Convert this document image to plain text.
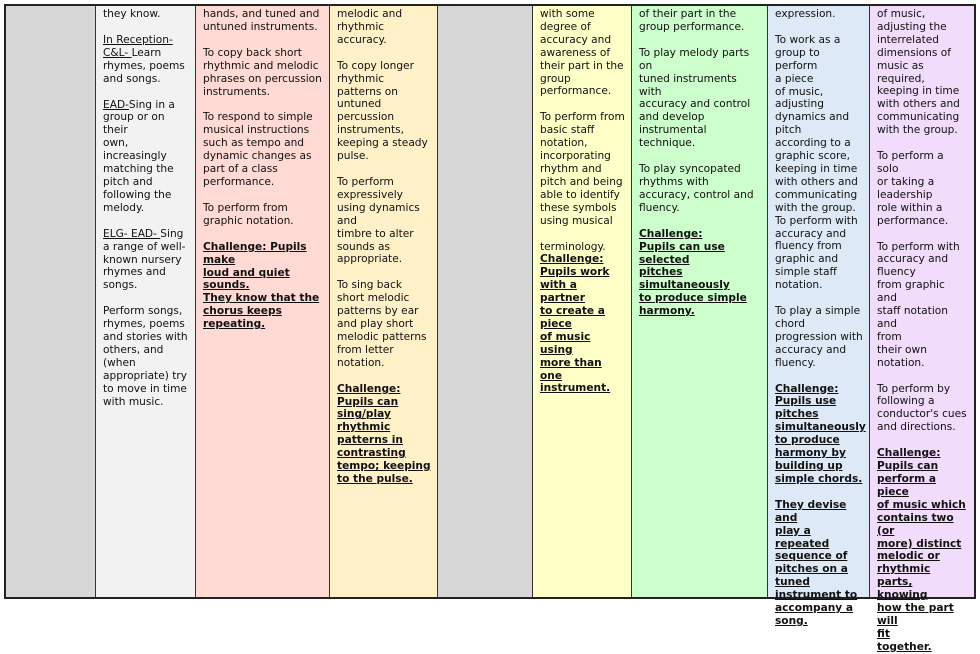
they know.

In Reception-
C&L- Learn
rhymes, poems
and songs.

EAD-Sing in a
group or on their
own,
increasingly
matching the
pitch and
following the
melody.

ELG- EAD- Sing
a range of well-
known nursery
rhymes and
songs.

Perform songs,
rhymes, poems
and stories with
others, and
(when
appropriate) try
to move in time
with music.

hands, and tuned and
untuned instruments.

To copy back short
rhythmic and melodic
phrases on percussion
instruments.

To respond to simple
musical instructions
such as tempo and
dynamic changes as
part of a class
performance.

To perform from
graphic notation.

Challenge: Pupils make
loud and quiet sounds.
They know that the
chorus keeps
repeating.

melodic and
rhythmic
accuracy.

To copy longer
rhythmic
patterns on
untuned
percussion
instruments,
keeping a steady
pulse.

To perform
expressively
using dynamics
and
timbre to alter
sounds as
appropriate.

To sing back
short melodic
patterns by ear
and play short
melodic patterns
from letter
notation.

Challenge:
Pupils can
sing/play
rhythmic
patterns in
contrasting
tempo; keeping
to the pulse.

with some
degree of
accuracy and
awareness of
their part in the
group
performance.

To perform from
basic staff
notation,
incorporating
rhythm and
pitch and being
able to identify
these symbols
using musical

terminology.

Challenge:
Pupils work
with a partner
to create a piece
of music using
more than one
instrument.

of their part in the
group performance.

To play melody parts on
tuned instruments with
accuracy and control
and develop
instrumental technique.

To play syncopated
rhythms with
accuracy, control and
fluency.

Challenge:
Pupils can use selected
pitches simultaneously
to produce simple
harmony.

expression.

To work as a
group to perform
a piece
of music,
adjusting
dynamics and
pitch
according to a
graphic score,
keeping in time
with others and
communicating
with the group.
To perform with
accuracy and
fluency from
graphic and
simple staff
notation.

To play a simple
chord
progression with
accuracy and
fluency.

Challenge:
Pupils use
pitches
simultaneously
to produce
harmony by
building up
simple chords.

They devise and
play a
repeated
sequence of
pitches on a
tuned
instrument to
accompany a
song.

of music,
adjusting the
interrelated
dimensions of
music as required,
keeping in time
with others and
communicating
with the group.

To perform a solo
or taking a
leadership
role within a
performance.

To perform with
accuracy and
fluency
from graphic and
staff notation and
from
their own
notation.

To perform by
following a
conductor's cues
and directions.

Challenge:
Pupils can
perform a piece
of music which
contains two (or
more) distinct
melodic or
rhythmic parts,
knowing
how the part will
fit
together.
